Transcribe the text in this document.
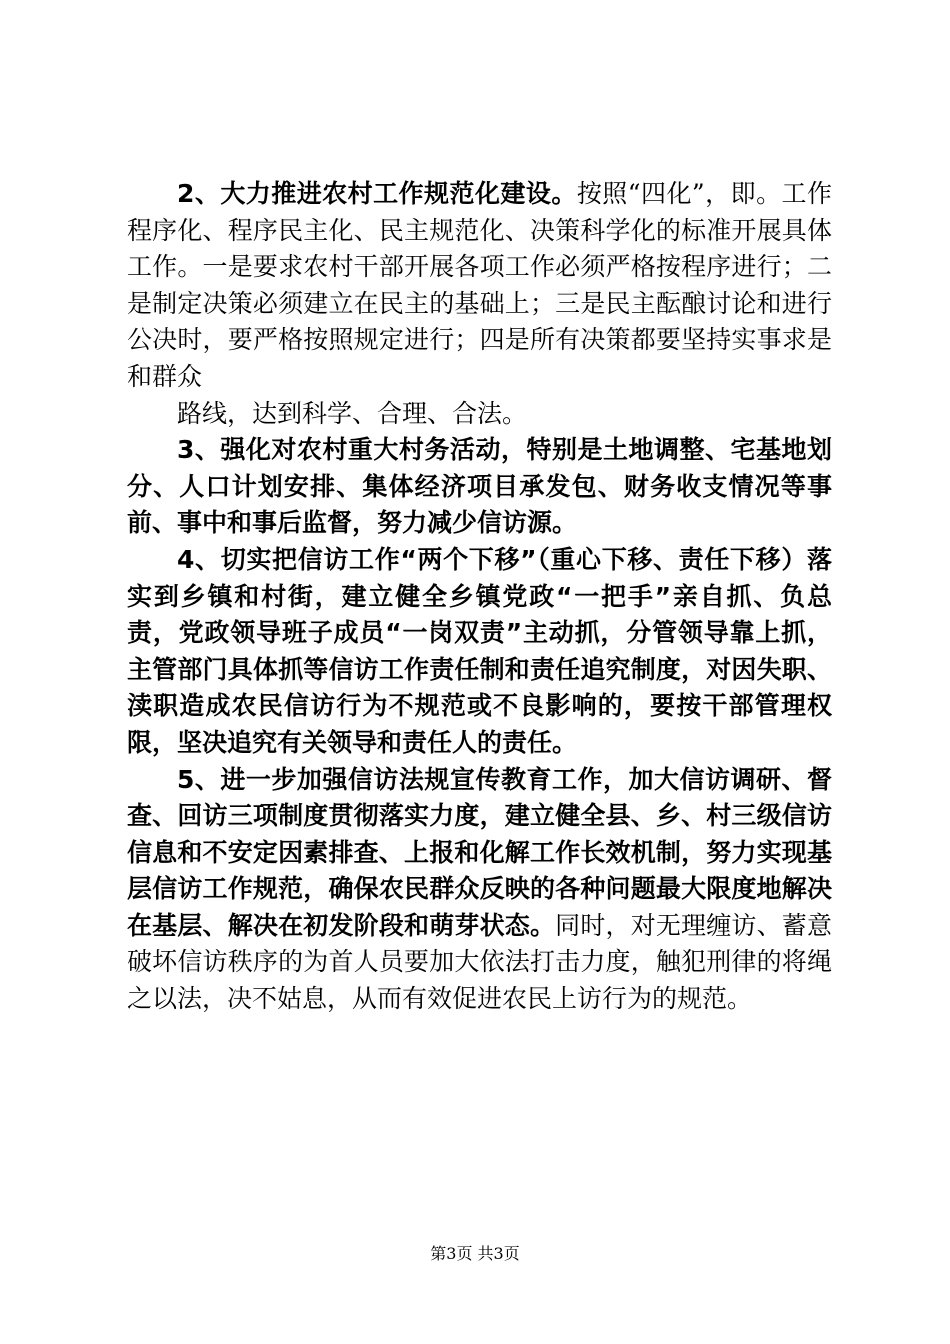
2、大力推进农村工作规范化建设。按照“四化”，即。工作程序化、程序民主化、民主规范化、决策科学化的标准开展具体工作。一是要求农村干部开展各项工作必须严格按程序进行；二是制定决策必须建立在民主的基础上；三是民主酝酿讨论和进行公决时，要严格按照规定进行；四是所有决策都要坚持实事求是和群众

路线，达到科学、合理、合法。

3、强化对农村重大村务活动，特别是土地调整、宅基地划分、人口计划安排、集体经济项目承发包、财务收支情况等事前、事中和事后监督，努力减少信访源。

4、切实把信访工作“两个下移”（重心下移、责任下移）落实到乡镇和村街，建立健全乡镇党政“一把手”亲自抓、负总责，党政领导班子成员“一岗双责”主动抓，分管领导靠上抓，主管部门具体抓等信访工作责任制和责任追究制度，对因失职、渎职造成农民信访行为不规范或不良影响的，要按干部管理权限，坚决追究有关领导和责任人的责任。

5、进一步加强信访法规宣传教育工作，加大信访调研、督查、回访三项制度贯彻落实力度，建立健全县、乡、村三级信访信息和不安定因素排查、上报和化解工作长效机制，努力实现基层信访工作规范，确保农民群众反映的各种问题最大限度地解决在基层、解决在初发阶段和萌芽状态。同时，对无理缠访、蓄意破坏信访秩序的为首人员要加大依法打击力度，触犯刑律的将绳之以法，决不姑息，从而有效促进农民上访行为的规范。

第3页 共3页
